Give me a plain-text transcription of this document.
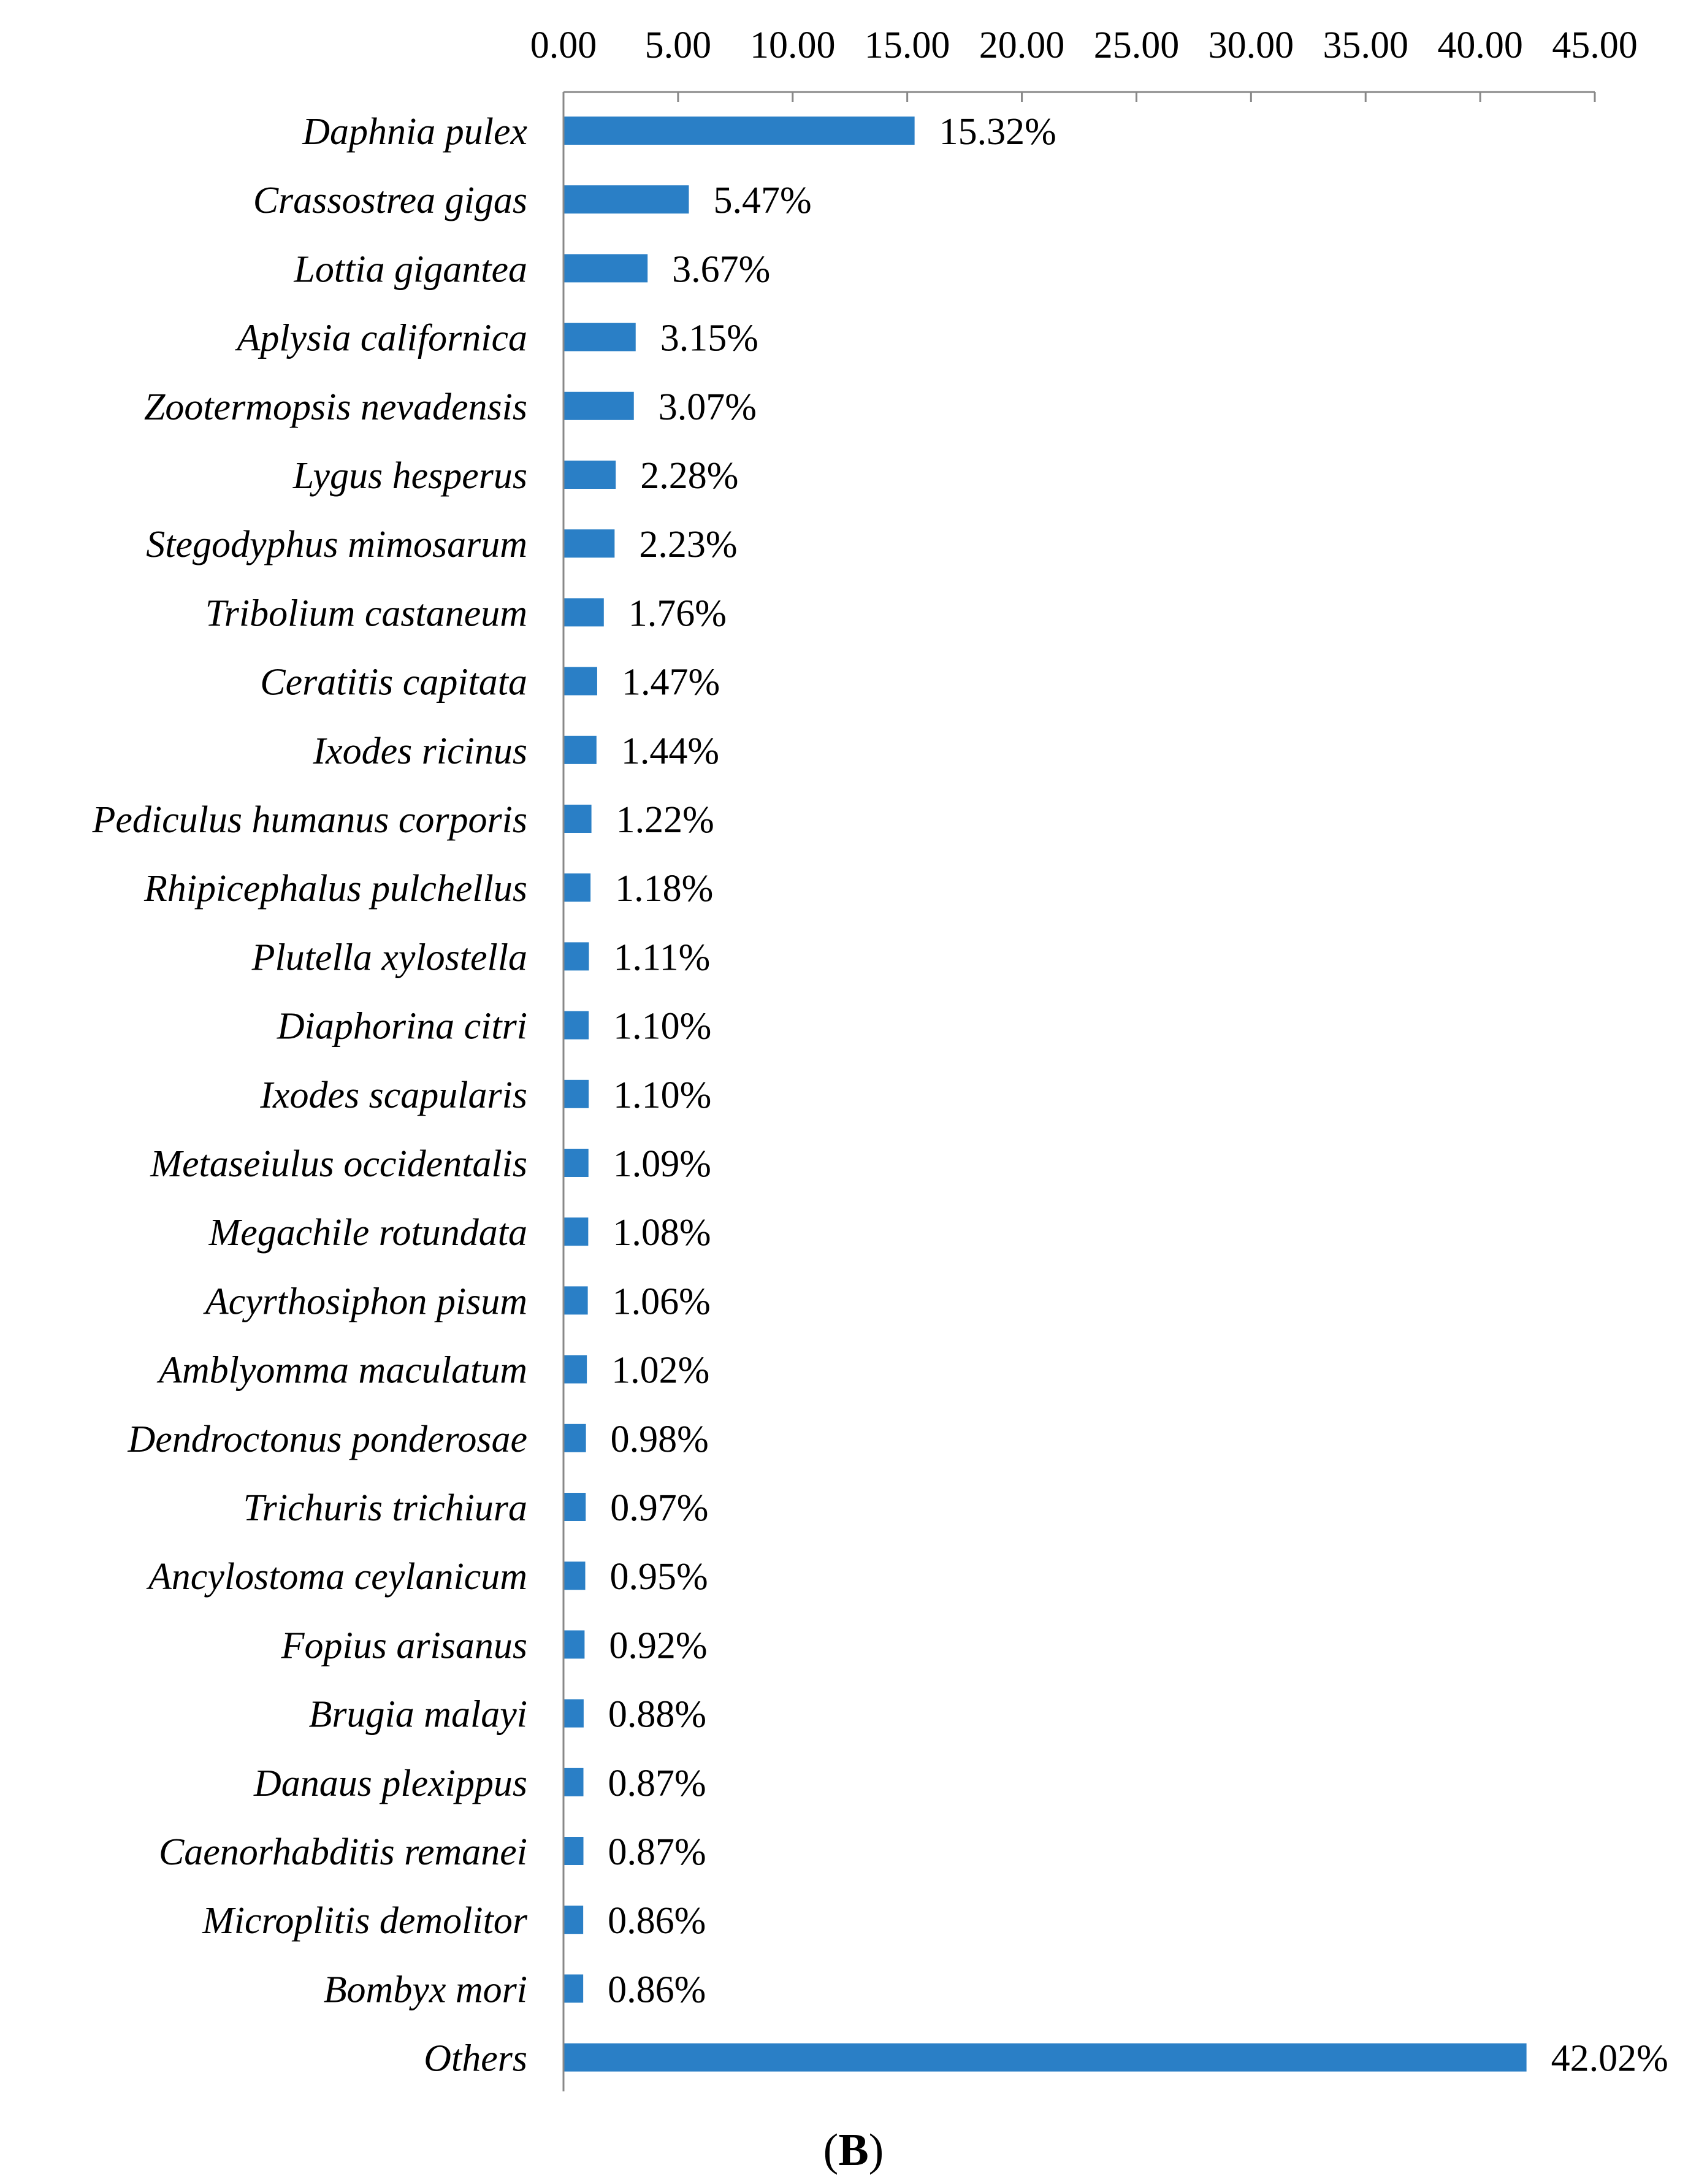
0.00 5.00 10.00 15.00 20.00 25.00 30.00 35.00 40.00 45.00
Daphnia pulex
Crassostrea gigas
Lottia gigantea
Aplysia californica
Zootermopsis nevadensis
Lygus hesperus
Stegodyphus mimosarum
Tribolium castaneum
Ceratitis capitata
Ixodes ricinus
Pediculus humanus corporis
Rhipicephalus pulchellus
Plutella xylostella
Diaphorina citri
Ixodes scapularis
Metaseiulus occidentalis
Megachile rotundata
Acyrthosiphon pisum
Amblyomma maculatum
Dendroctonus ponderosae
Trichuris trichiura
Ancylostoma ceylanicum
Fopius arisanus
Brugia malayi
Danaus plexippus
Caenorhabditis remanei
Microplitis demolitor
Bombyx mori
Others
15.32%
5.47%
3.67%
3.15%
3.07%
2.28%
2.23%
1.76%
1.47%
1.44%
1.22%
1.18%
1.11%
1.10%
1.10%
1.09%
1.08%
1.06%
1.02%
0.98%
0.97%
0.95%
0.92%
0.88%
0.87%
0.87%
0.86%
0.86%
42.02%
(B)
